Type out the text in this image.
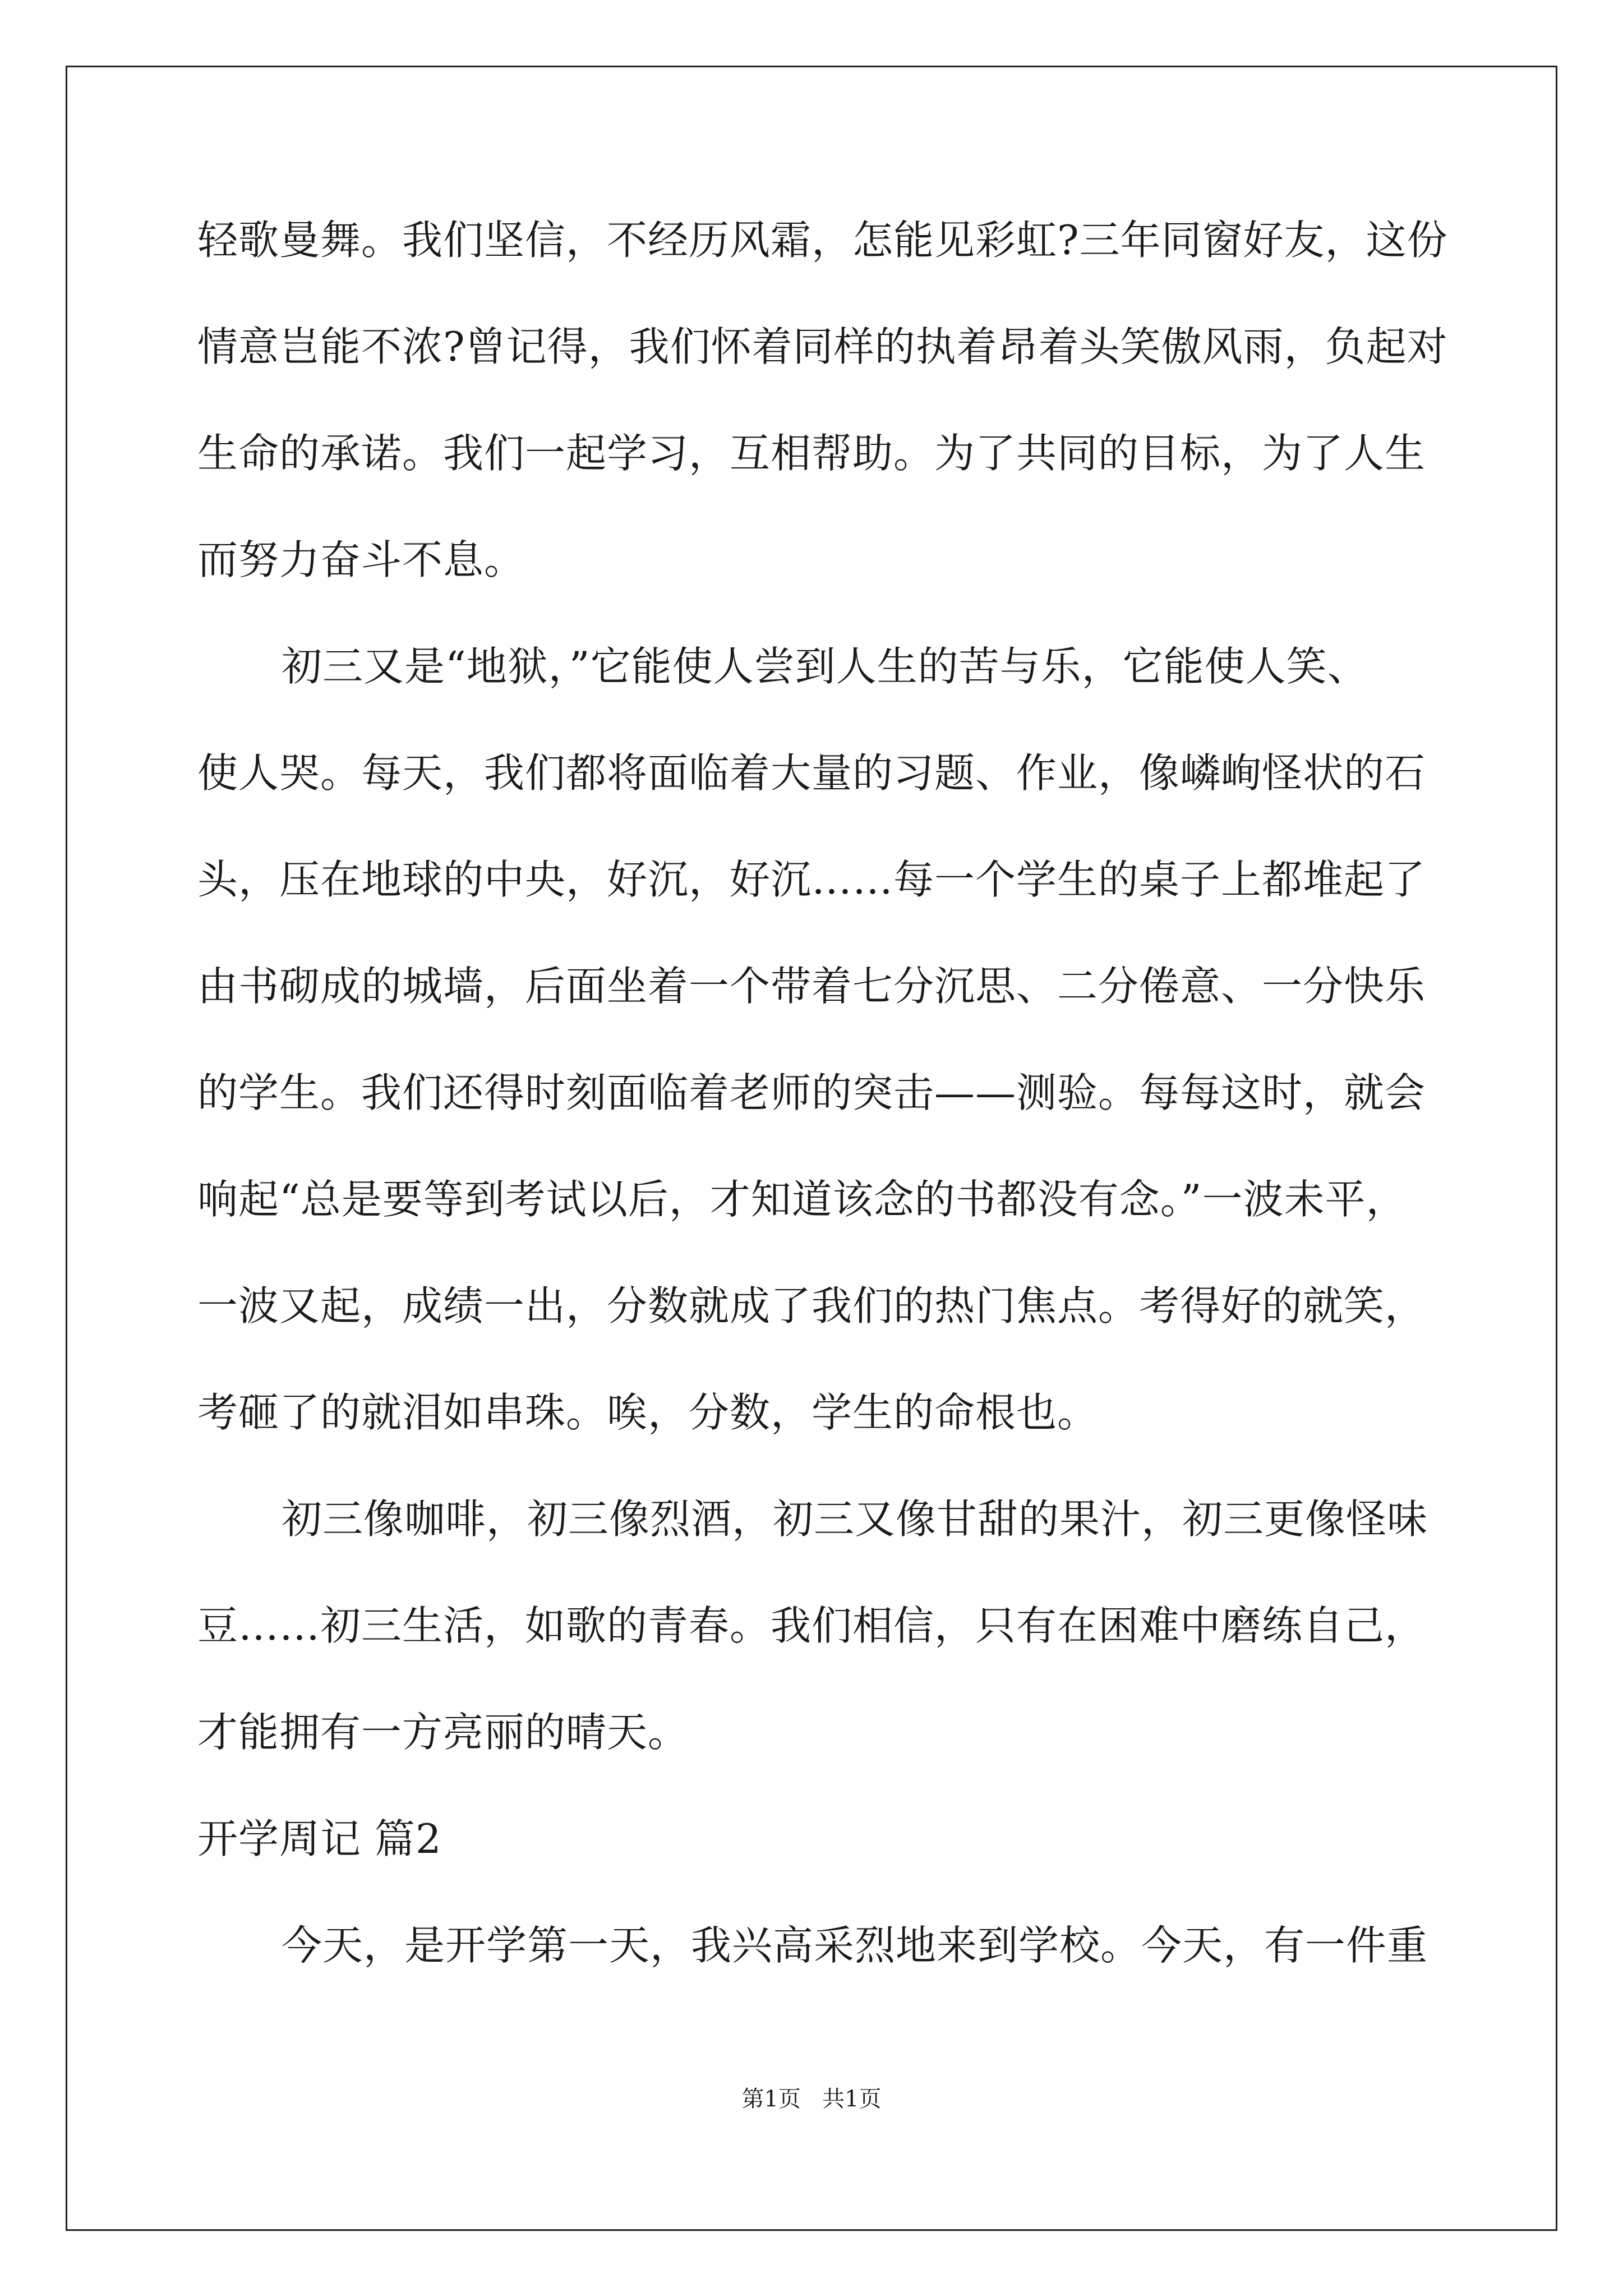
轻歌曼舞。我们坚信，不经历风霜，怎能见彩虹?三年同窗好友，这份
情意岂能不浓?曾记得，我们怀着同样的执着昂着头笑傲风雨，负起对
生命的承诺。我们一起学习，互相帮助。为了共同的目标，为了人生
而努力奋斗不息。
初三又是“地狱，”它能使人尝到人生的苦与乐，它能使人笑、
使人哭。每天，我们都将面临着大量的习题、作业，像嶙峋怪状的石
头，压在地球的中央，好沉，好沉……每一个学生的桌子上都堆起了
由书砌成的城墙，后面坐着一个带着七分沉思、二分倦意、一分快乐
的学生。我们还得时刻面临着老师的突击——测验。每每这时，就会
响起“总是要等到考试以后，才知道该念的书都没有念。”一波未平，
一波又起，成绩一出，分数就成了我们的热门焦点。考得好的就笑，
考砸了的就泪如串珠。唉，分数，学生的命根也。
初三像咖啡，初三像烈酒，初三又像甘甜的果汁，初三更像怪味
豆……初三生活，如歌的青春。我们相信，只有在困难中磨练自己，
才能拥有一方亮丽的晴天。
开学周记 篇2
今天，是开学第一天，我兴高采烈地来到学校。今天，有一件重
第1页   共1页
